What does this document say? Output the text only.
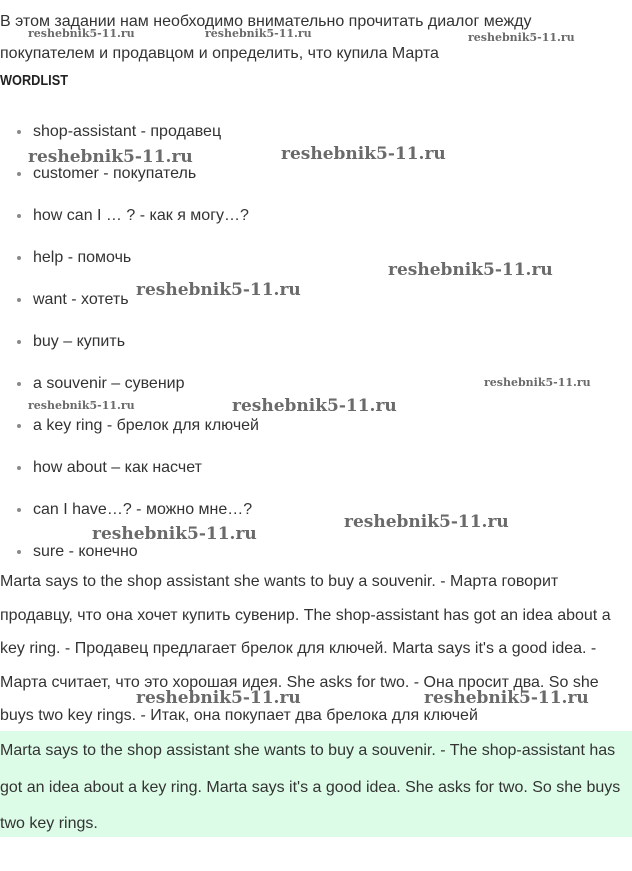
В этом задании нам необходимо внимательно прочитать диалог между покупателем и продавцом и определить, что купила Марта
WORDLIST
shop-assistant - продавец
customer - покупатель
how can I … ? - как я могу…?
help - помочь
want - хотеть
buy – купить
a souvenir – сувенир
a key ring - брелок для ключей
how about – как насчет
can I have…? - можно мне…?
sure - конечно
Marta says to the shop assistant she wants to buy a souvenir. - Марта говорит продавцу, что она хочет купить сувенир. The shop-assistant has got an idea about a key ring. - Продавец предлагает брелок для ключей. Marta says it's a good idea. - Марта считает, что это хорошая идея. She asks for two. - Она просит два. So she buys two key rings. - Итак, она покупает два брелока для ключей
Marta says to the shop assistant she wants to buy a souvenir. - The shop-assistant has got an idea about a key ring. Marta says it's a good idea. She asks for two. So she buys two key rings.
reshebnik5-11.ru	reshebnik5-11.ru	reshebnik5-11.ru
reshebnik5-11.ru	reshebnik5-11.ru
reshebnik5-11.ru
reshebnik5-11.ru
reshebnik5-11.ru
reshebnik5-11.ru	reshebnik5-11.ru
reshebnik5-11.ru
reshebnik5-11.ru
reshebnik5-11.ru	reshebnik5-11.ru
